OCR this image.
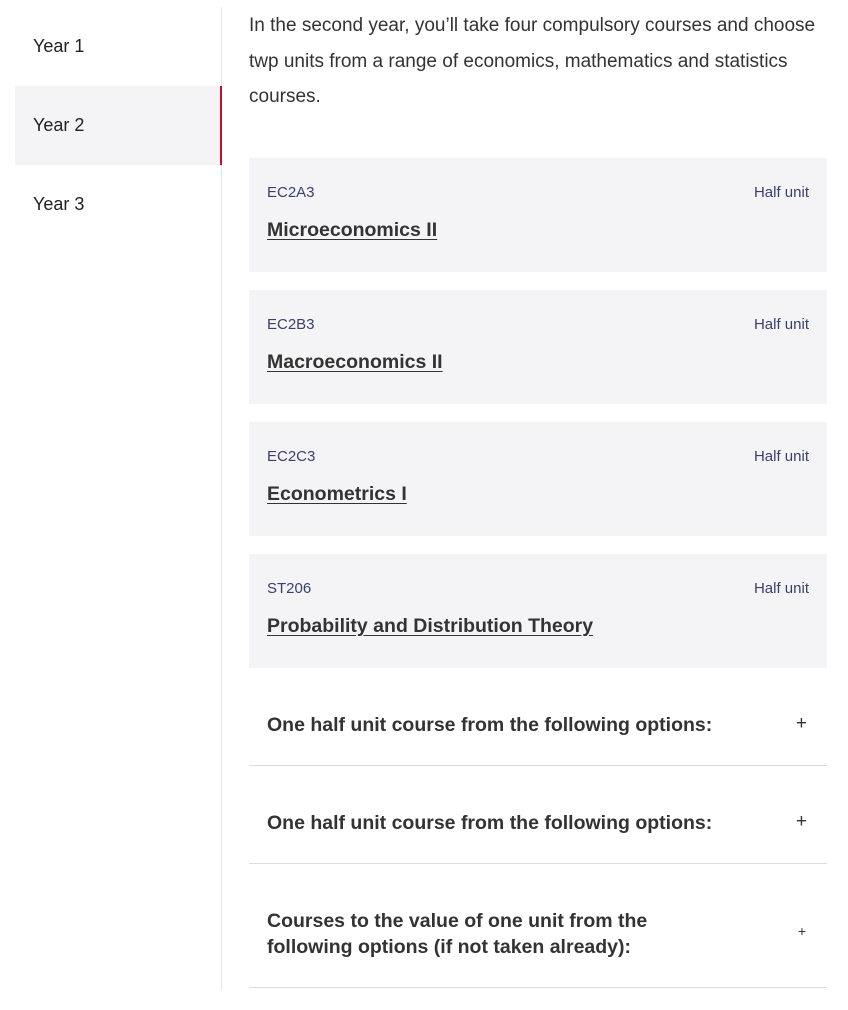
Year 1
Year 2
Year 3

In the second year, you’ll take four compulsory courses and choose twp units from a range of economics, mathematics and statistics courses.

EC2A3	Half unit
Microeconomics II
EC2B3	Half unit
Macroeconomics II
EC2C3	Half unit
Econometrics I
ST206	Half unit
Probability and Distribution Theory
One half unit course from the following options:	+
One half unit course from the following options:	+
Courses to the value of one unit from the following options (if not taken already):
+
